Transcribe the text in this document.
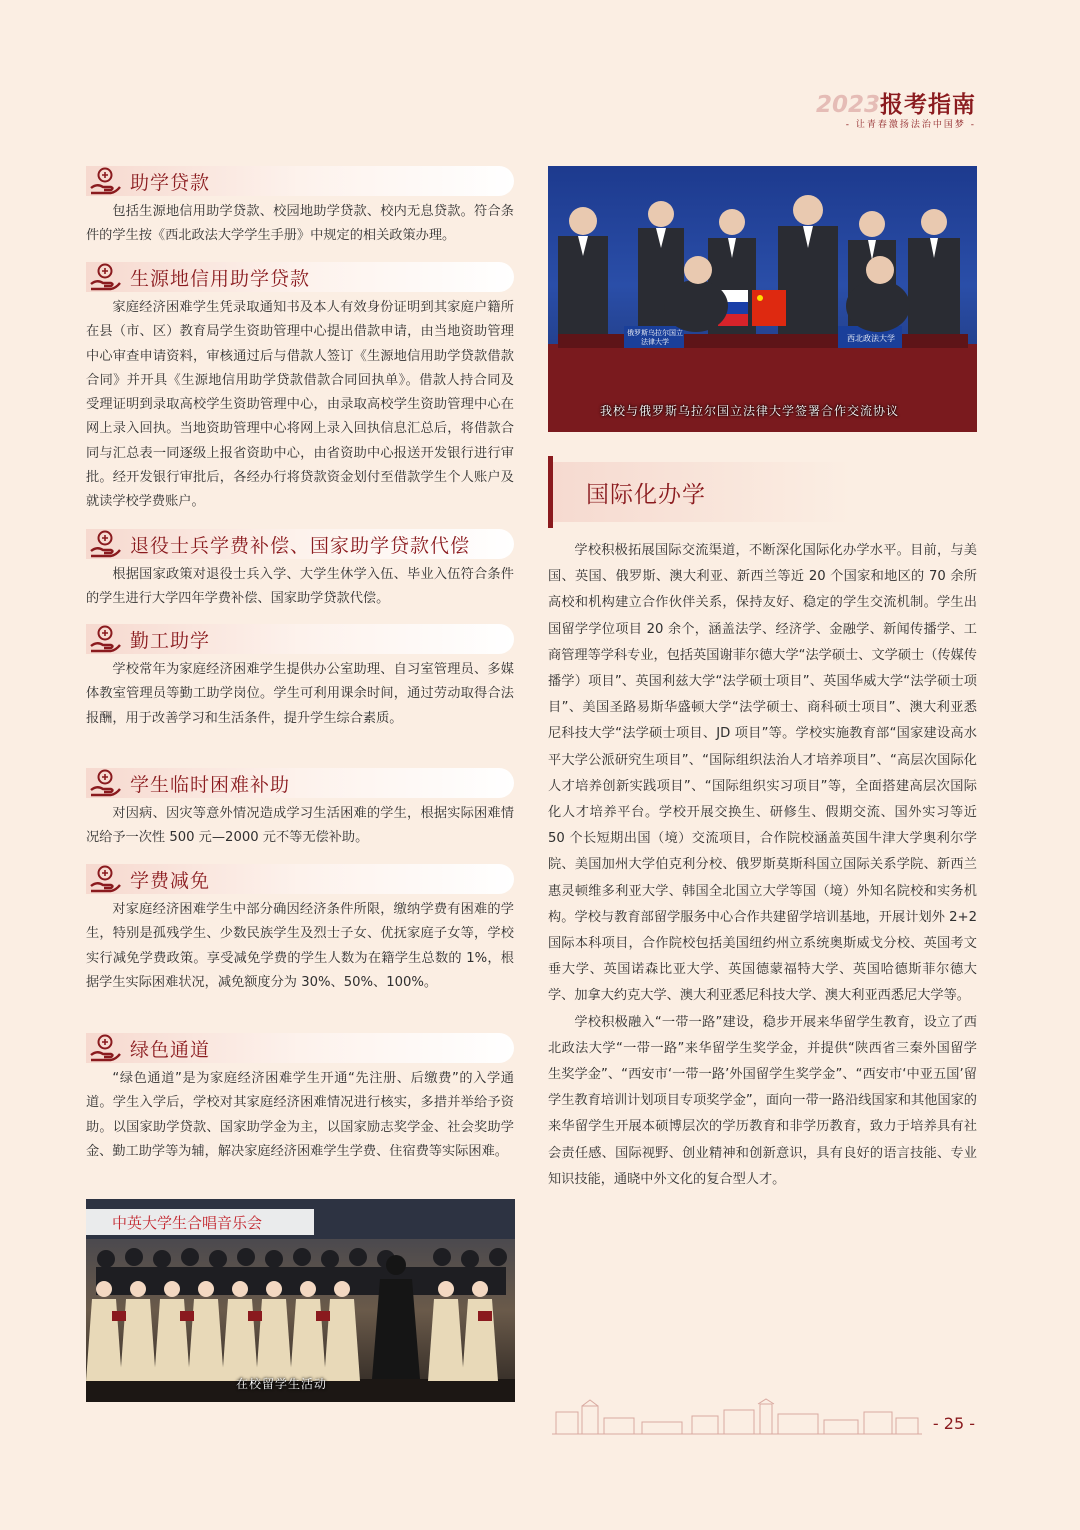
2023报考指南
- 让青春激扬法治中国梦 -
助学贷款
包括生源地信用助学贷款、校园地助学贷款、校内无息贷款。符合条件的学生按《西北政法大学学生手册》中规定的相关政策办理。
生源地信用助学贷款
家庭经济困难学生凭录取通知书及本人有效身份证明到其家庭户籍所在县（市、区）教育局学生资助管理中心提出借款申请，由当地资助管理中心审查申请资料，审核通过后与借款人签订《生源地信用助学贷款借款合同》并开具《生源地信用助学贷款借款合同回执单》。借款人持合同及受理证明到录取高校学生资助管理中心，由录取高校学生资助管理中心在网上录入回执。当地资助管理中心将网上录入回执信息汇总后，将借款合同与汇总表一同逐级上报省资助中心，由省资助中心报送开发银行进行审批。经开发银行审批后，各经办行将贷款资金划付至借款学生个人账户及就读学校学费账户。
退役士兵学费补偿、国家助学贷款代偿
根据国家政策对退役士兵入学、大学生休学入伍、毕业入伍符合条件的学生进行大学四年学费补偿、国家助学贷款代偿。
勤工助学
学校常年为家庭经济困难学生提供办公室助理、自习室管理员、多媒体教室管理员等勤工助学岗位。学生可利用课余时间，通过劳动取得合法报酬，用于改善学习和生活条件，提升学生综合素质。
学生临时困难补助
对因病、因灾等意外情况造成学习生活困难的学生，根据实际困难情况给予一次性 500 元—2000 元不等无偿补助。
学费减免
对家庭经济困难学生中部分确因经济条件所限，缴纳学费有困难的学生，特别是孤残学生、少数民族学生及烈士子女、优抚家庭子女等，学校实行减免学费政策。享受减免学费的学生人数为在籍学生总数的 1%，根据学生实际困难状况，减免额度分为 30%、50%、100%。
绿色通道
“绿色通道”是为家庭经济困难学生开通“先注册、后缴费”的入学通道。学生入学后，学校对其家庭经济困难情况进行核实，多措并举给予资助。以国家助学贷款、国家助学金为主，以国家励志奖学金、社会奖助学金、勤工助学等为辅，解决家庭经济困难学生学费、住宿费等实际困难。
中英大学生合唱音乐会
在校留学生活动
俄罗斯乌拉尔国立法律大学	西北政法大学
我校与俄罗斯乌拉尔国立法律大学签署合作交流协议
国际化办学

学校积极拓展国际交流渠道，不断深化国际化办学水平。目前，与美国、英国、俄罗斯、澳大利亚、新西兰等近 20 个国家和地区的 70 余所高校和机构建立合作伙伴关系，保持友好、稳定的学生交流机制。学生出国留学学位项目 20 余个，涵盖法学、经济学、金融学、新闻传播学、工商管理等学科专业，包括英国谢菲尔德大学“法学硕士、文学硕士（传媒传播学）项目”、英国利兹大学“法学硕士项目”、英国华威大学“法学硕士项目”、美国圣路易斯华盛顿大学“法学硕士、商科硕士项目”、澳大利亚悉尼科技大学“法学硕士项目、JD 项目”等。学校实施教育部“国家建设高水平大学公派研究生项目”、“国际组织法治人才培养项目”、“高层次国际化人才培养创新实践项目”、“国际组织实习项目”等，全面搭建高层次国际化人才培养平台。学校开展交换生、研修生、假期交流、国外实习等近 50 个长短期出国（境）交流项目，合作院校涵盖英国牛津大学奥利尔学院、美国加州大学伯克利分校、俄罗斯莫斯科国立国际关系学院、新西兰惠灵顿维多利亚大学、韩国全北国立大学等国（境）外知名院校和实务机构。学校与教育部留学服务中心合作共建留学培训基地，开展计划外 2+2 国际本科项目，合作院校包括美国纽约州立系统奥斯威戈分校、英国考文垂大学、英国诺森比亚大学、英国德蒙福特大学、英国哈德斯菲尔德大学、加拿大约克大学、澳大利亚悉尼科技大学、澳大利亚西悉尼大学等。

学校积极融入“一带一路”建设，稳步开展来华留学生教育，设立了西北政法大学“一带一路”来华留学生奖学金，并提供“陕西省三秦外国留学生奖学金”、“西安市‘一带一路’外国留学生奖学金”、“西安市‘中亚五国’留学生教育培训计划项目专项奖学金”，面向一带一路沿线国家和其他国家的来华留学生开展本硕博层次的学历教育和非学历教育，致力于培养具有社会责任感、国际视野、创业精神和创新意识，具有良好的语言技能、专业知识技能，通晓中外文化的复合型人才。

- 25 -
